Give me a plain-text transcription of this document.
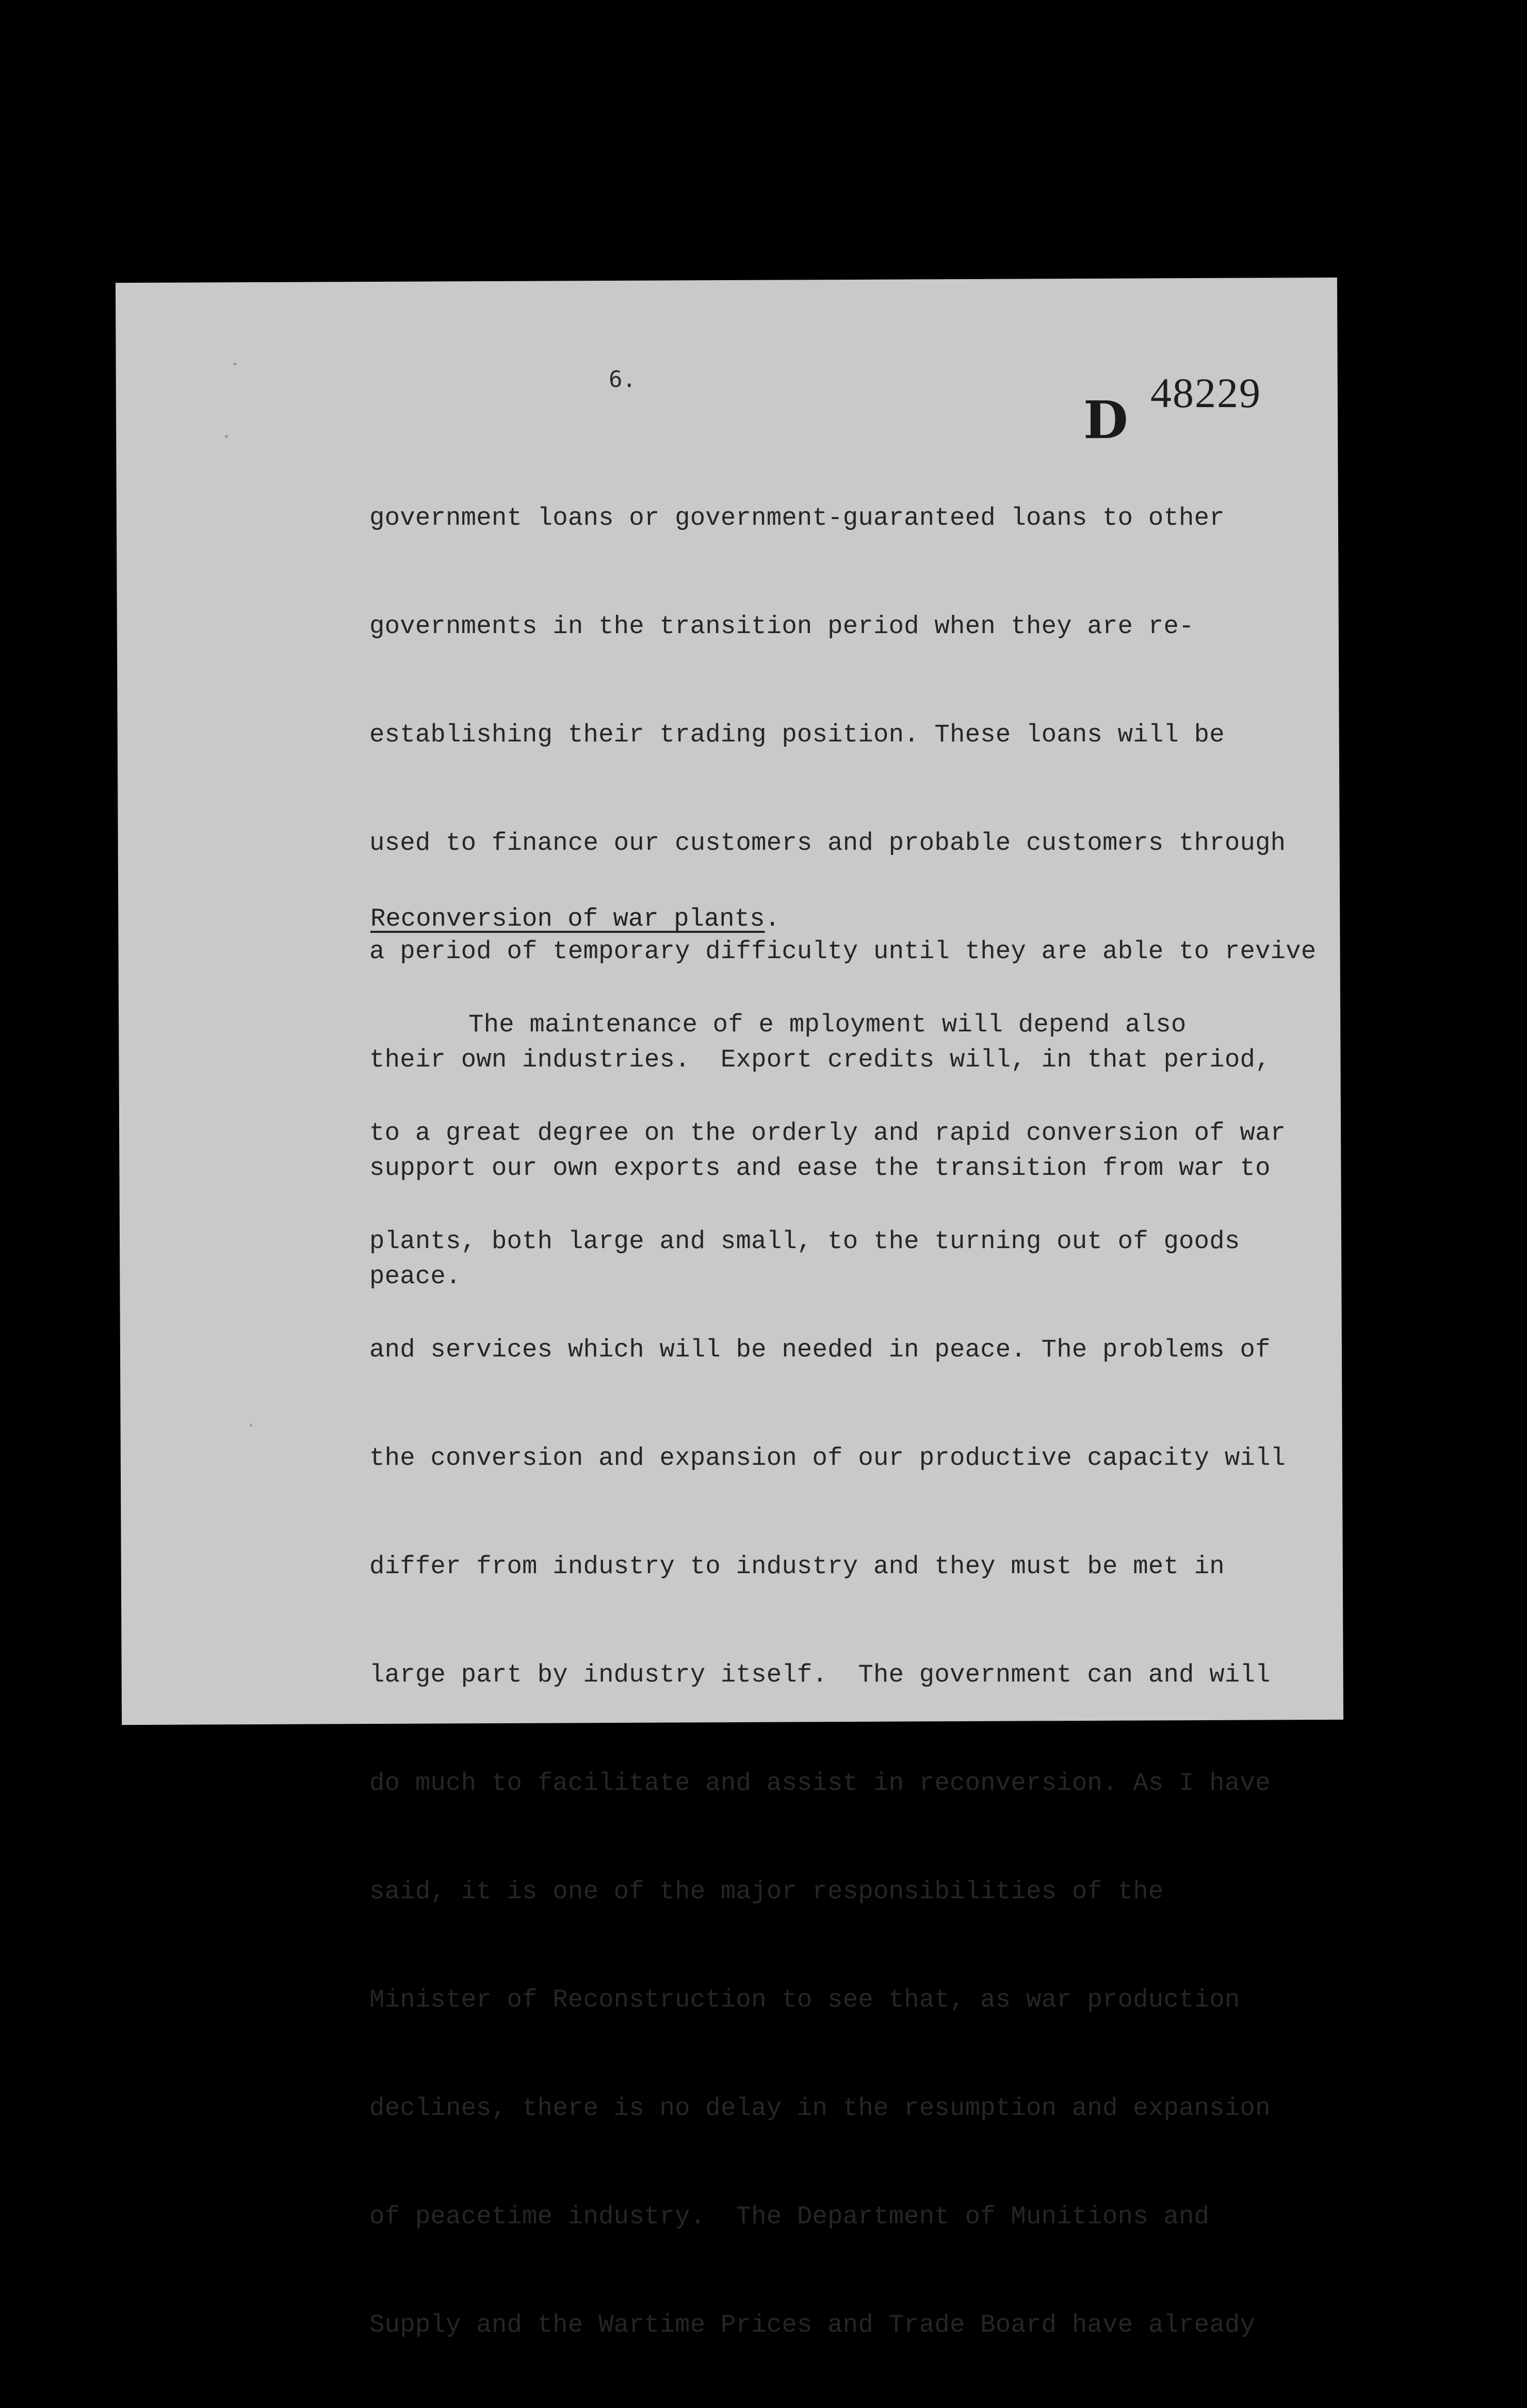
6.
D 48229

government loans or government-guaranteed loans to other

governments in the transition period when they are re-

establishing their trading position. These loans will be

used to finance our customers and probable customers through

a period of temporary difficulty until they are able to revive

their own industries.  Export credits will, in that period,

support our own exports and ease the transition from war to

peace.

Reconversion of war plants.

The maintenance of e mployment will depend also

to a great degree on the orderly and rapid conversion of war

plants, both large and small, to the turning out of goods

and services which will be needed in peace. The problems of

the conversion and expansion of our productive capacity will

differ from industry to industry and they must be met in

large part by industry itself.  The government can and will

do much to facilitate and assist in reconversion. As I have

said, it is one of the major responsibilities of the

Minister of Reconstruction to see that, as war production

declines, there is no delay in the resumption and expansion

of peacetime industry.  The Department of Munitions and

Supply and the Wartime Prices and Trade Board have already
